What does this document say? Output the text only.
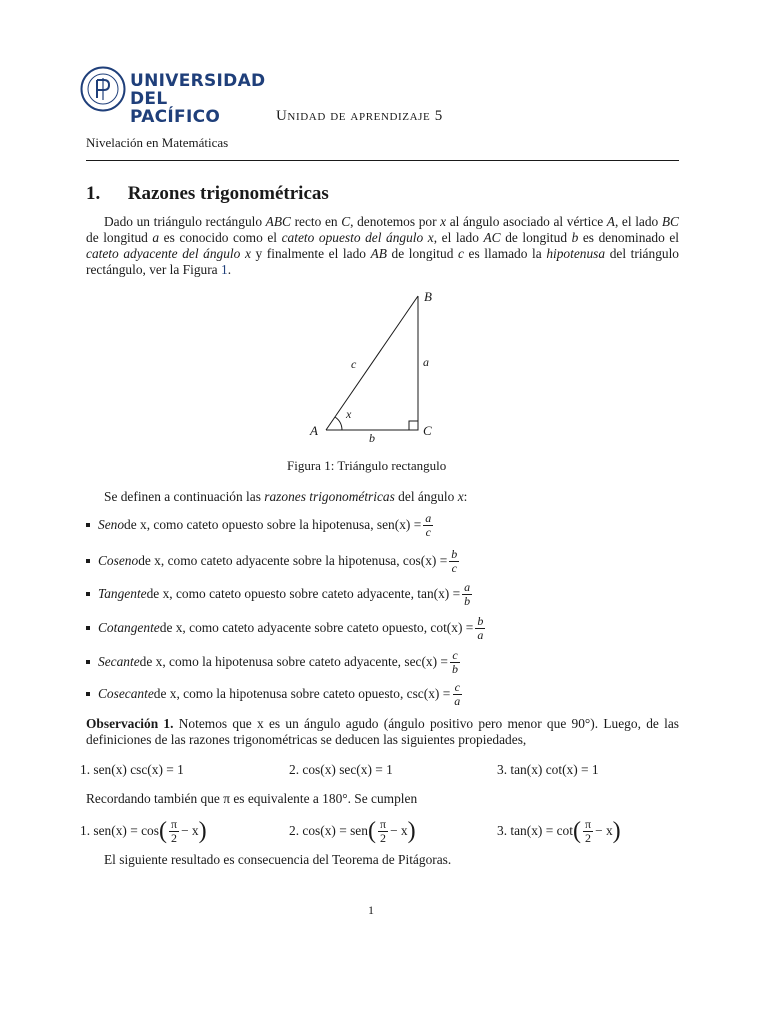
UNIVERSIDAD
DEL PACÍFICO	Unidad de aprendizaje 5
Nivelación en Matemáticas
1. Razones trigonométricas

Dado un triángulo rectángulo ABC recto en C, denotemos por x al ángulo asociado al vértice A, el lado BC de longitud a es conocido como el cateto opuesto del ángulo x, el lado AC de longitud b es denominado el cateto adyacente del ángulo x y finalmente el lado AB de longitud c es llamado la hipotenusa del triángulo rectángulo, ver la Figura 1.

B
A	C
a
b
c
x
Figura 1: Triángulo rectangulo

Se definen a continuación las razones trigonométricas del ángulo x:

Seno de x, como cateto opuesto sobre la hipotenusa, $sen(x) = \frac{a}{c}$
Coseno de x, como cateto adyacente sobre la hipotenusa, $\cos(x) = \frac{b}{c}$
Tangente de x, como cateto opuesto sobre cateto adyacente, $\tan(x) = \frac{a}{b}$
Cotangente de x, como cateto adyacente sobre cateto opuesto, $\cot(x) = \frac{b}{a}$
Secante de x, como la hipotenusa sobre cateto adyacente, $\sec(x) = \frac{c}{b}$
Cosecante de x, como la hipotenusa sobre cateto opuesto, $\csc(x) = \frac{c}{a}$

Observación 1. Notemos que x es un ángulo agudo (ángulo positivo pero menor que 90°). Luego, de las definiciones de las razones trigonométricas se deducen las siguientes propiedades,

1. sen(x) csc(x) = 1	2. cos(x) sec(x) = 1	3. tan(x) cot(x) = 1

Recordando también que π es equivalente a 180°. Se cumplen

1. sen(x) = cos ( $\frac{\pi}{2} - x$ )	2. cos(x) = sen ( $\frac{\pi}{2} - x$ )	3. tan(x) = cot ( $\frac{\pi}{2} - x$ )

El siguiente resultado es consecuencia del Teorema de Pitágoras.

1
